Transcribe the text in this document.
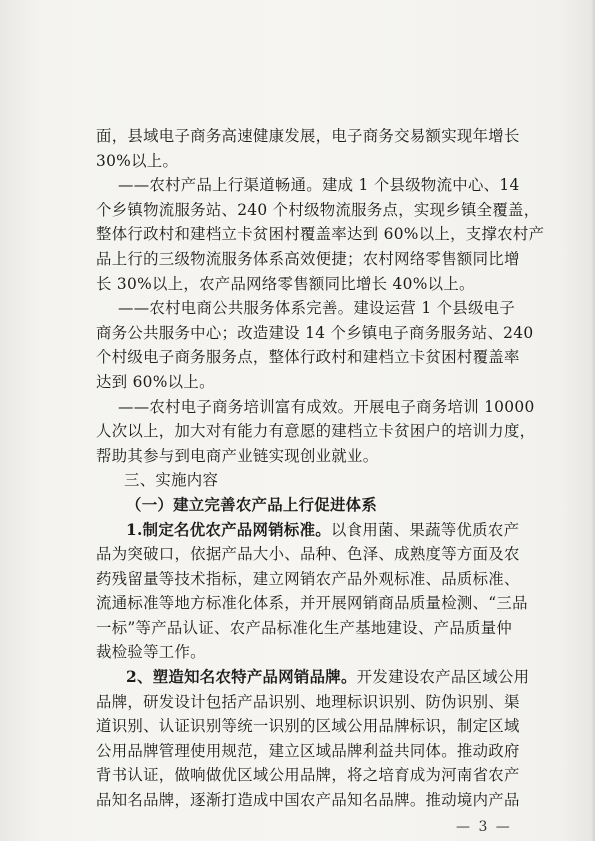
面，县域电子商务高速健康发展，电子商务交易额实现年增长
30%以上。
——农村产品上行渠道畅通。建成 1 个县级物流中心、14
个乡镇物流服务站、240 个村级物流服务点，实现乡镇全覆盖，
整体行政村和建档立卡贫困村覆盖率达到 60%以上，支撑农村产
品上行的三级物流服务体系高效便捷；农村网络零售额同比增
长 30%以上，农产品网络零售额同比增长 40%以上。
——农村电商公共服务体系完善。建设运营 1 个县级电子
商务公共服务中心；改造建设 14 个乡镇电子商务服务站、240
个村级电子商务服务点，整体行政村和建档立卡贫困村覆盖率
达到 60%以上。
——农村电子商务培训富有成效。开展电子商务培训 10000
人次以上，加大对有能力有意愿的建档立卡贫困户的培训力度，
帮助其参与到电商产业链实现创业就业。
三、实施内容
（一）建立完善农产品上行促进体系
1.制定名优农产品网销标准。以食用菌、果蔬等优质农产
品为突破口，依据产品大小、品种、色泽、成熟度等方面及农
药残留量等技术指标，建立网销农产品外观标准、品质标准、
流通标准等地方标准化体系，并开展网销商品质量检测、“三品
一标”等产品认证、农产品标准化生产基地建设、产品质量仲
裁检验等工作。
2、塑造知名农特产品网销品牌。开发建设农产品区域公用
品牌，研发设计包括产品识别、地理标识识别、防伪识别、渠
道识别、认证识别等统一识别的区域公用品牌标识，制定区域
公用品牌管理使用规范，建立区域品牌利益共同体。推动政府
背书认证，做响做优区域公用品牌，将之培育成为河南省农产
品知名品牌，逐渐打造成中国农产品知名品牌。推动境内产品
— 3 —
